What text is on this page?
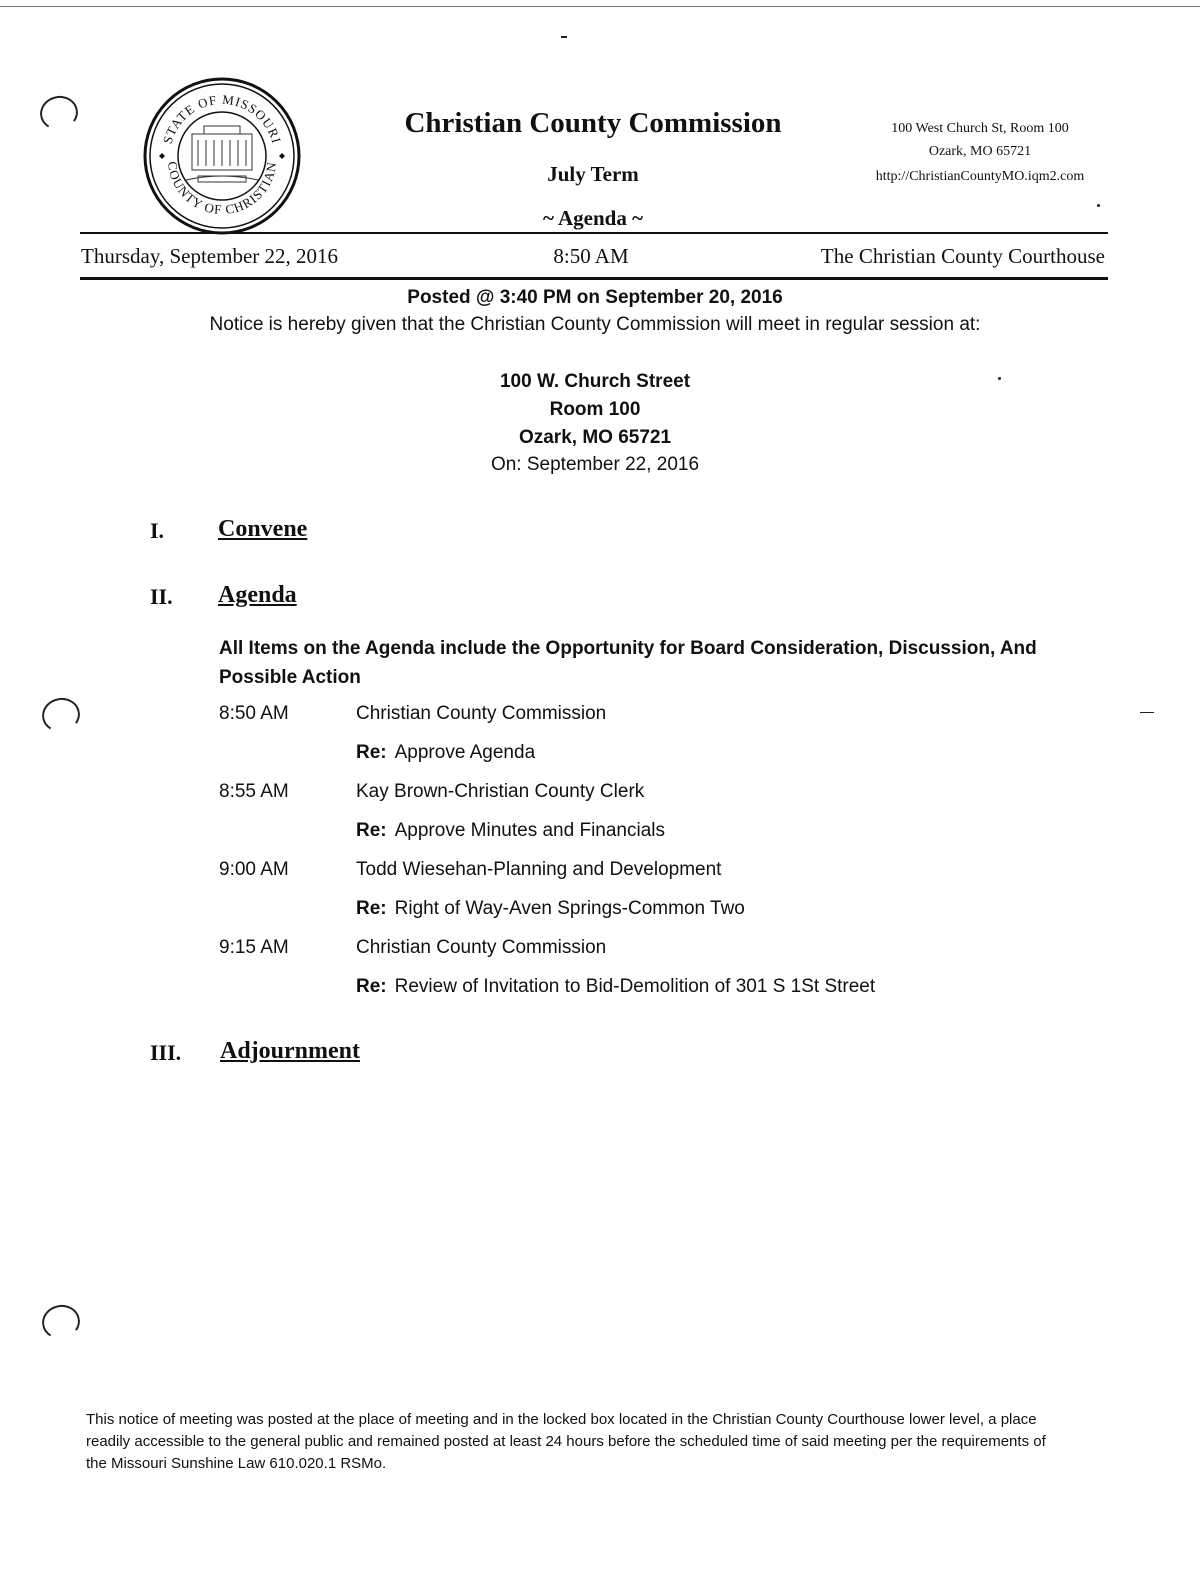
STATE OF MISSOURI
COUNTY OF CHRISTIAN
Christian County Commission
July Term
~ Agenda ~
100 West Church St, Room 100
Ozark, MO 65721
http://ChristianCountyMO.iqm2.com
Thursday, September 22, 2016	8:50 AM	The Christian County Courthouse
Posted @ 3:40 PM on September 20, 2016
Notice is hereby given that the Christian County Commission will meet in regular session at:
100 W. Church Street
Room 100
Ozark, MO 65721
On: September 22, 2016
I. Convene
II. Agenda
All Items on the Agenda include the Opportunity for Board Consideration, Discussion, And Possible Action
8:50 AM	Christian County Commission
Re: Approve Agenda
8:55 AM	Kay Brown-Christian County Clerk
Re: Approve Minutes and Financials
9:00 AM	Todd Wiesehan-Planning and Development
Re: Right of Way-Aven Springs-Common Two
9:15 AM	Christian County Commission
Re: Review of Invitation to Bid-Demolition of 301 S 1St Street
III. Adjournment
This notice of meeting was posted at the place of meeting and in the locked box located in the Christian County Courthouse lower level, a place readily accessible to the general public and remained posted at least 24 hours before the scheduled time of said meeting per the requirements of the Missouri Sunshine Law 610.020.1 RSMo.
